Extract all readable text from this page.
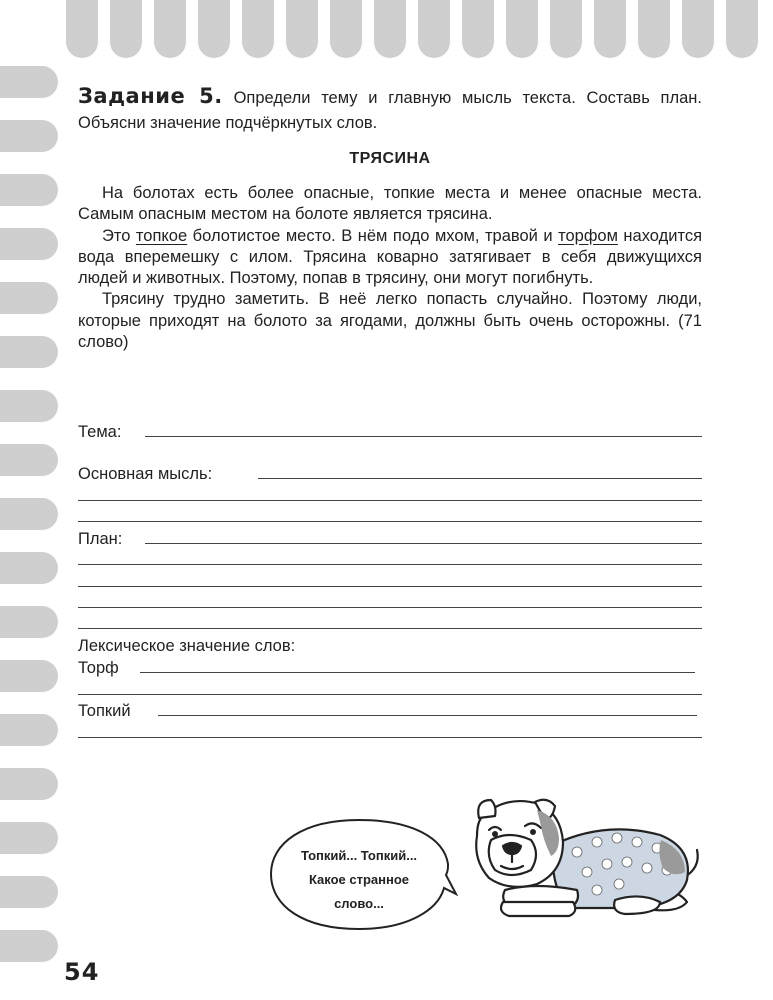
Задание 5. Определи тему и главную мысль текста. Составь план. Объясни значение подчёркнутых слов.
ТРЯСИНА

На болотах есть более опасные, топкие места и менее опасные места. Самым опасным местом на болоте является трясина.

Это топкое болотистое место. В нём подо мхом, травой и торфом находится вода вперемешку с илом. Трясина коварно затягивает в себя движущихся людей и животных. Поэтому, попав в трясину, они могут погибнуть.

Трясину трудно заметить. В неё легко попасть случайно. Поэтому люди, которые приходят на болото за ягодами, должны быть очень осторожны. (71 слово)

Тема:
Основная мысль:
План:
Лексическое значение слов:
Торф
Топкий
Топкий... Топкий...
Какое странное
слово...
54
